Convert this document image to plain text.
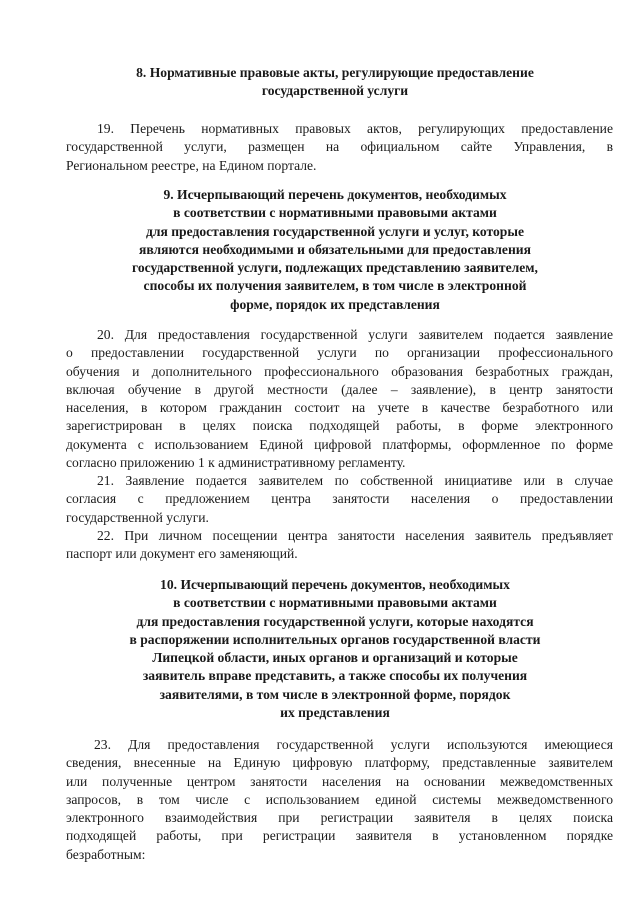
8. Нормативные правовые акты, регулирующие предоставление
государственной услуги
19. Перечень нормативных правовых актов, регулирующих предоставление
государственной услуги, размещен на официальном сайте Управления, в
Региональном реестре, на Едином портале.
9. Исчерпывающий перечень документов, необходимых
в соответствии с нормативными правовыми актами
для предоставления государственной услуги и услуг, которые
являются необходимыми и обязательными для предоставления
государственной услуги, подлежащих представлению заявителем,
способы их получения заявителем, в том числе в электронной
форме, порядок их представления
20. Для предоставления государственной услуги заявителем подается заявление
о предоставлении государственной услуги по организации профессионального
обучения и дополнительного профессионального образования безработных граждан,
включая обучение в другой местности (далее – заявление), в центр занятости
населения, в котором гражданин состоит на учете в качестве безработного или
зарегистрирован в целях поиска подходящей работы, в форме электронного
документа с использованием Единой цифровой платформы, оформленное по форме
согласно приложению 1 к административному регламенту.
21. Заявление подается заявителем по собственной инициативе или в случае
согласия с предложением центра занятости населения о предоставлении
государственной услуги.
22. При личном посещении центра занятости населения заявитель предъявляет
паспорт или документ его заменяющий.
10. Исчерпывающий перечень документов, необходимых
в соответствии с нормативными правовыми актами
для предоставления государственной услуги, которые находятся
в распоряжении исполнительных органов государственной власти
Липецкой области, иных органов и организаций и которые
заявитель вправе представить, а также способы их получения
заявителями, в том числе в электронной форме, порядок
их представления
23. Для предоставления государственной услуги используются имеющиеся
сведения, внесенные на Единую цифровую платформу, представленные заявителем
или полученные центром занятости населения на основании межведомственных
запросов, в том числе с использованием единой системы межведомственного
электронного взаимодействия при регистрации заявителя в целях поиска
подходящей работы, при регистрации заявителя в установленном порядке
безработным:
